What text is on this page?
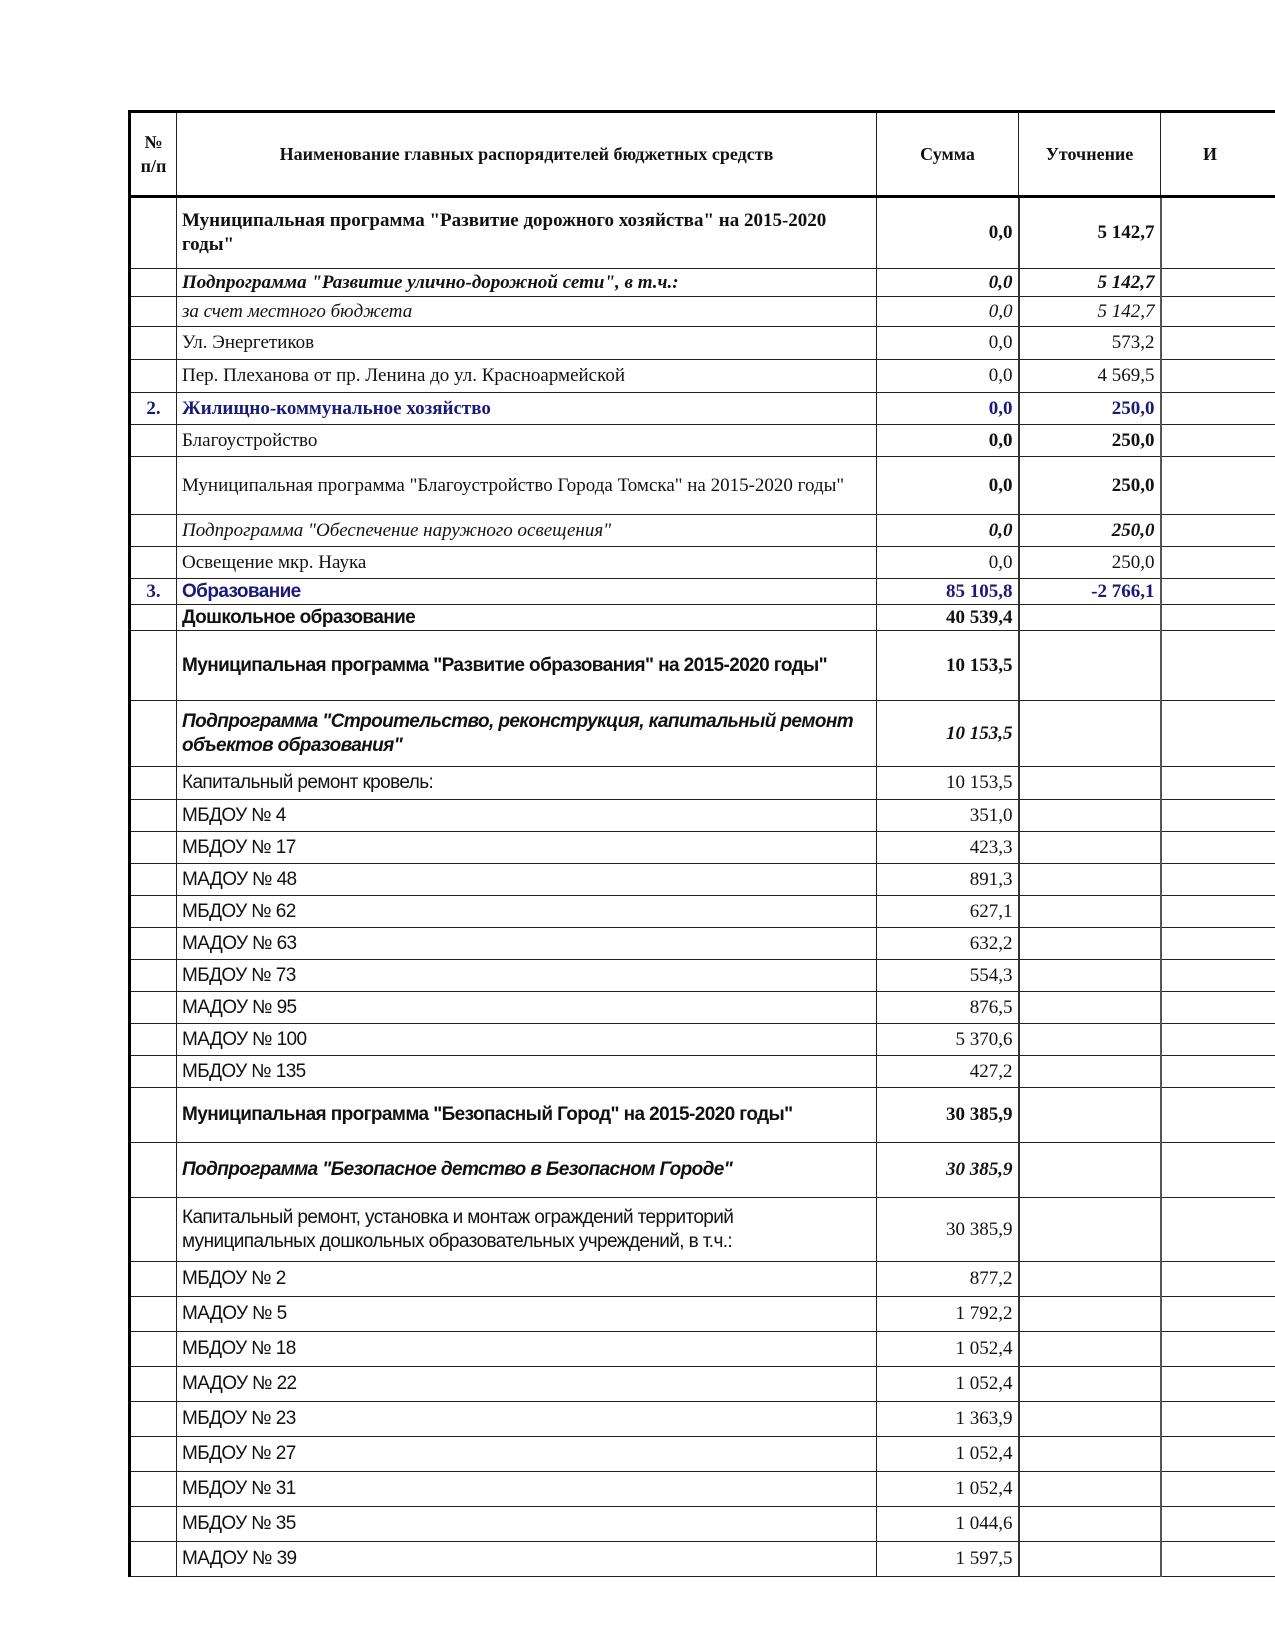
№ п/п	Наименование главных распорядителей бюджетных средств	Сумма	Уточнение	И
	Муниципальная программа "Развитие дорожного хозяйства" на 2015-2020 годы"	0,0	5 142,7	
	Подпрограмма "Развитие улично-дорожной сети", в т.ч.:	0,0	5 142,7	
	за счет местного бюджета	0,0	5 142,7	
	Ул. Энергетиков	0,0	573,2	
	Пер. Плеханова от пр. Ленина до ул. Красноармейской	0,0	4 569,5	
2.	Жилищно-коммунальное хозяйство	0,0	250,0	
	Благоустройство	0,0	250,0	
	Муниципальная программа "Благоустройство Города Томска" на 2015-2020 годы"	0,0	250,0	
	Подпрограмма "Обеспечение наружного освещения"	0,0	250,0	
	Освещение мкр. Наука	0,0	250,0	
3.	Образование	85 105,8	-2 766,1	
	Дошкольное образование	40 539,4		
	Муниципальная программа "Развитие образования" на 2015-2020 годы"	10 153,5		
	Подпрограмма "Строительство, реконструкция, капитальный ремонт объектов образования"	10 153,5		
	Капитальный ремонт кровель:	10 153,5		
	МБДОУ № 4	351,0		
	МБДОУ № 17	423,3		
	МАДОУ № 48	891,3		
	МБДОУ № 62	627,1		
	МАДОУ № 63	632,2		
	МБДОУ № 73	554,3		
	МАДОУ № 95	876,5		
	МАДОУ № 100	5 370,6		
	МБДОУ № 135	427,2		
	Муниципальная программа "Безопасный Город" на 2015-2020 годы"	30 385,9		
	Подпрограмма "Безопасное детство в Безопасном Городе"	30 385,9		
	Капитальный ремонт, установка и монтаж ограждений территорий муниципальных дошкольных образовательных учреждений, в т.ч.:	30 385,9		
	МБДОУ № 2	877,2		
	МАДОУ № 5	1 792,2		
	МБДОУ № 18	1 052,4		
	МАДОУ № 22	1 052,4		
	МБДОУ № 23	1 363,9		
	МБДОУ № 27	1 052,4		
	МБДОУ № 31	1 052,4		
	МБДОУ № 35	1 044,6		
	МАДОУ № 39	1 597,5		
